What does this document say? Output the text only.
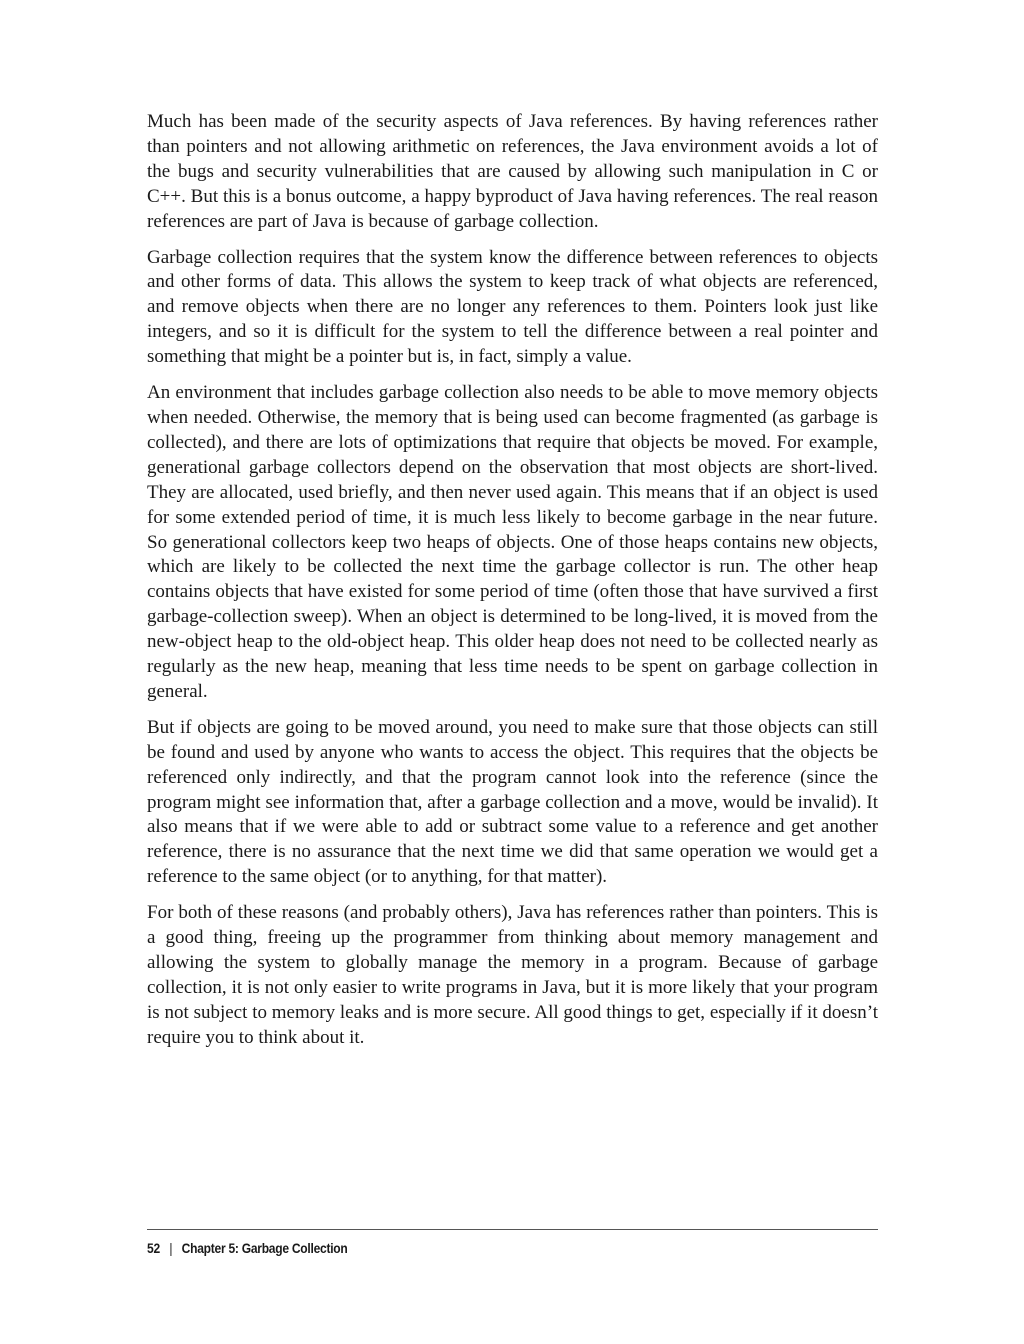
Much has been made of the security aspects of Java references. By having references rather than pointers and not allowing arithmetic on references, the Java environment avoids a lot of the bugs and security vulnerabilities that are caused by allowing such manipulation in C or C++. But this is a bonus outcome, a happy byproduct of Java having references. The real reason references are part of Java is because of garbage collection.

Garbage collection requires that the system know the difference between references to objects and other forms of data. This allows the system to keep track of what objects are referenced, and remove objects when there are no longer any references to them. Pointers look just like integers, and so it is difficult for the system to tell the difference between a real pointer and something that might be a pointer but is, in fact, simply a value.

An environment that includes garbage collection also needs to be able to move memory objects when needed. Otherwise, the memory that is being used can become fragmented (as garbage is collected), and there are lots of optimizations that require that objects be moved. For example, generational garbage collectors depend on the observation that most objects are short-lived. They are allocated, used briefly, and then never used again. This means that if an object is used for some extended period of time, it is much less likely to become garbage in the near future. So generational collectors keep two heaps of objects. One of those heaps contains new objects, which are likely to be collected the next time the garbage collector is run. The other heap contains objects that have existed for some period of time (often those that have survived a first garbage-collection sweep). When an object is determined to be long-lived, it is moved from the new-object heap to the old-object heap. This older heap does not need to be collected nearly as regularly as the new heap, meaning that less time needs to be spent on garbage collection in general.

But if objects are going to be moved around, you need to make sure that those objects can still be found and used by anyone who wants to access the object. This requires that the objects be referenced only indirectly, and that the program cannot look into the reference (since the program might see information that, after a garbage collection and a move, would be invalid). It also means that if we were able to add or subtract some value to a reference and get another reference, there is no assurance that the next time we did that same operation we would get a reference to the same object (or to anything, for that matter).

For both of these reasons (and probably others), Java has references rather than pointers. This is a good thing, freeing up the programmer from thinking about memory management and allowing the system to globally manage the memory in a program. Because of garbage collection, it is not only easier to write programs in Java, but it is more likely that your program is not subject to memory leaks and is more secure. All good things to get, especially if it doesn’t require you to think about it.

52 | Chapter 5: Garbage Collection
